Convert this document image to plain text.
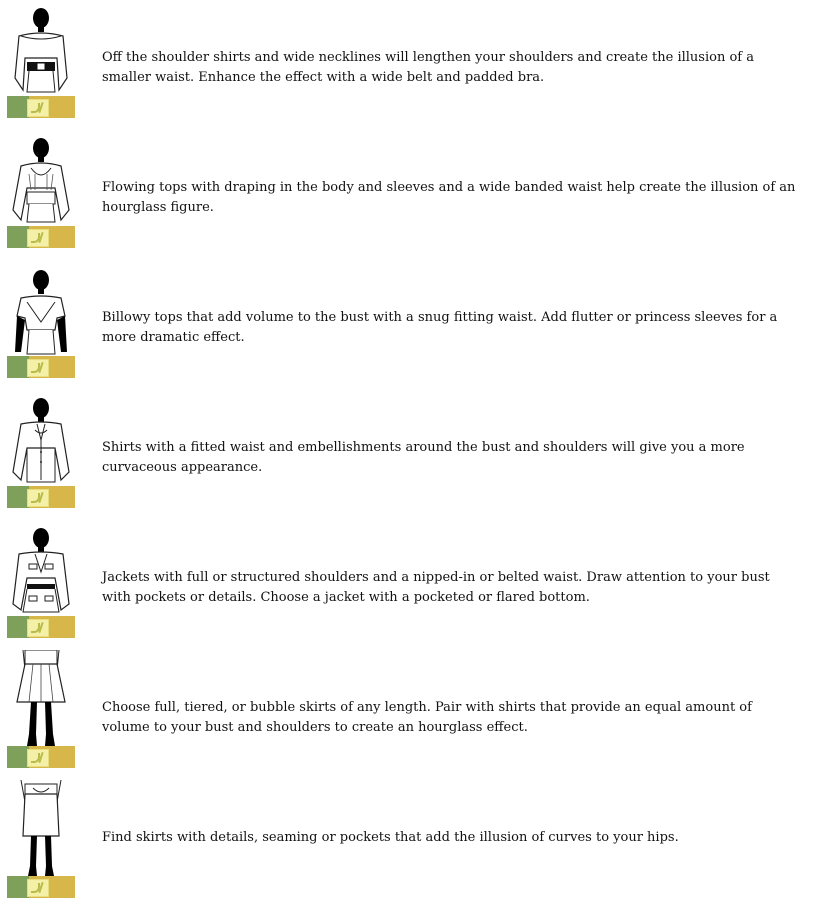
Off the shoulder shirts and wide necklines will lengthen your shoulders and create the illusion of a smaller waist. Enhance the effect with a wide belt and padded bra.
Flowing tops with draping in the body and sleeves and a wide banded waist help create the illusion of an hourglass figure.
Billowy tops that add volume to the bust with a snug fitting waist. Add flutter or princess sleeves for a more dramatic effect.
Shirts with a fitted waist and embellishments around the bust and shoulders will give you a more curvaceous appearance.
Jackets with full or structured shoulders and a nipped-in or belted waist. Draw attention to your bust with pockets or details. Choose a jacket with a pocketed or flared bottom.
Choose full, tiered, or bubble skirts of any length. Pair with shirts that provide an equal amount of volume to your bust and shoulders to create an hourglass effect.
Find skirts with details, seaming or pockets that add the illusion of curves to your hips.
